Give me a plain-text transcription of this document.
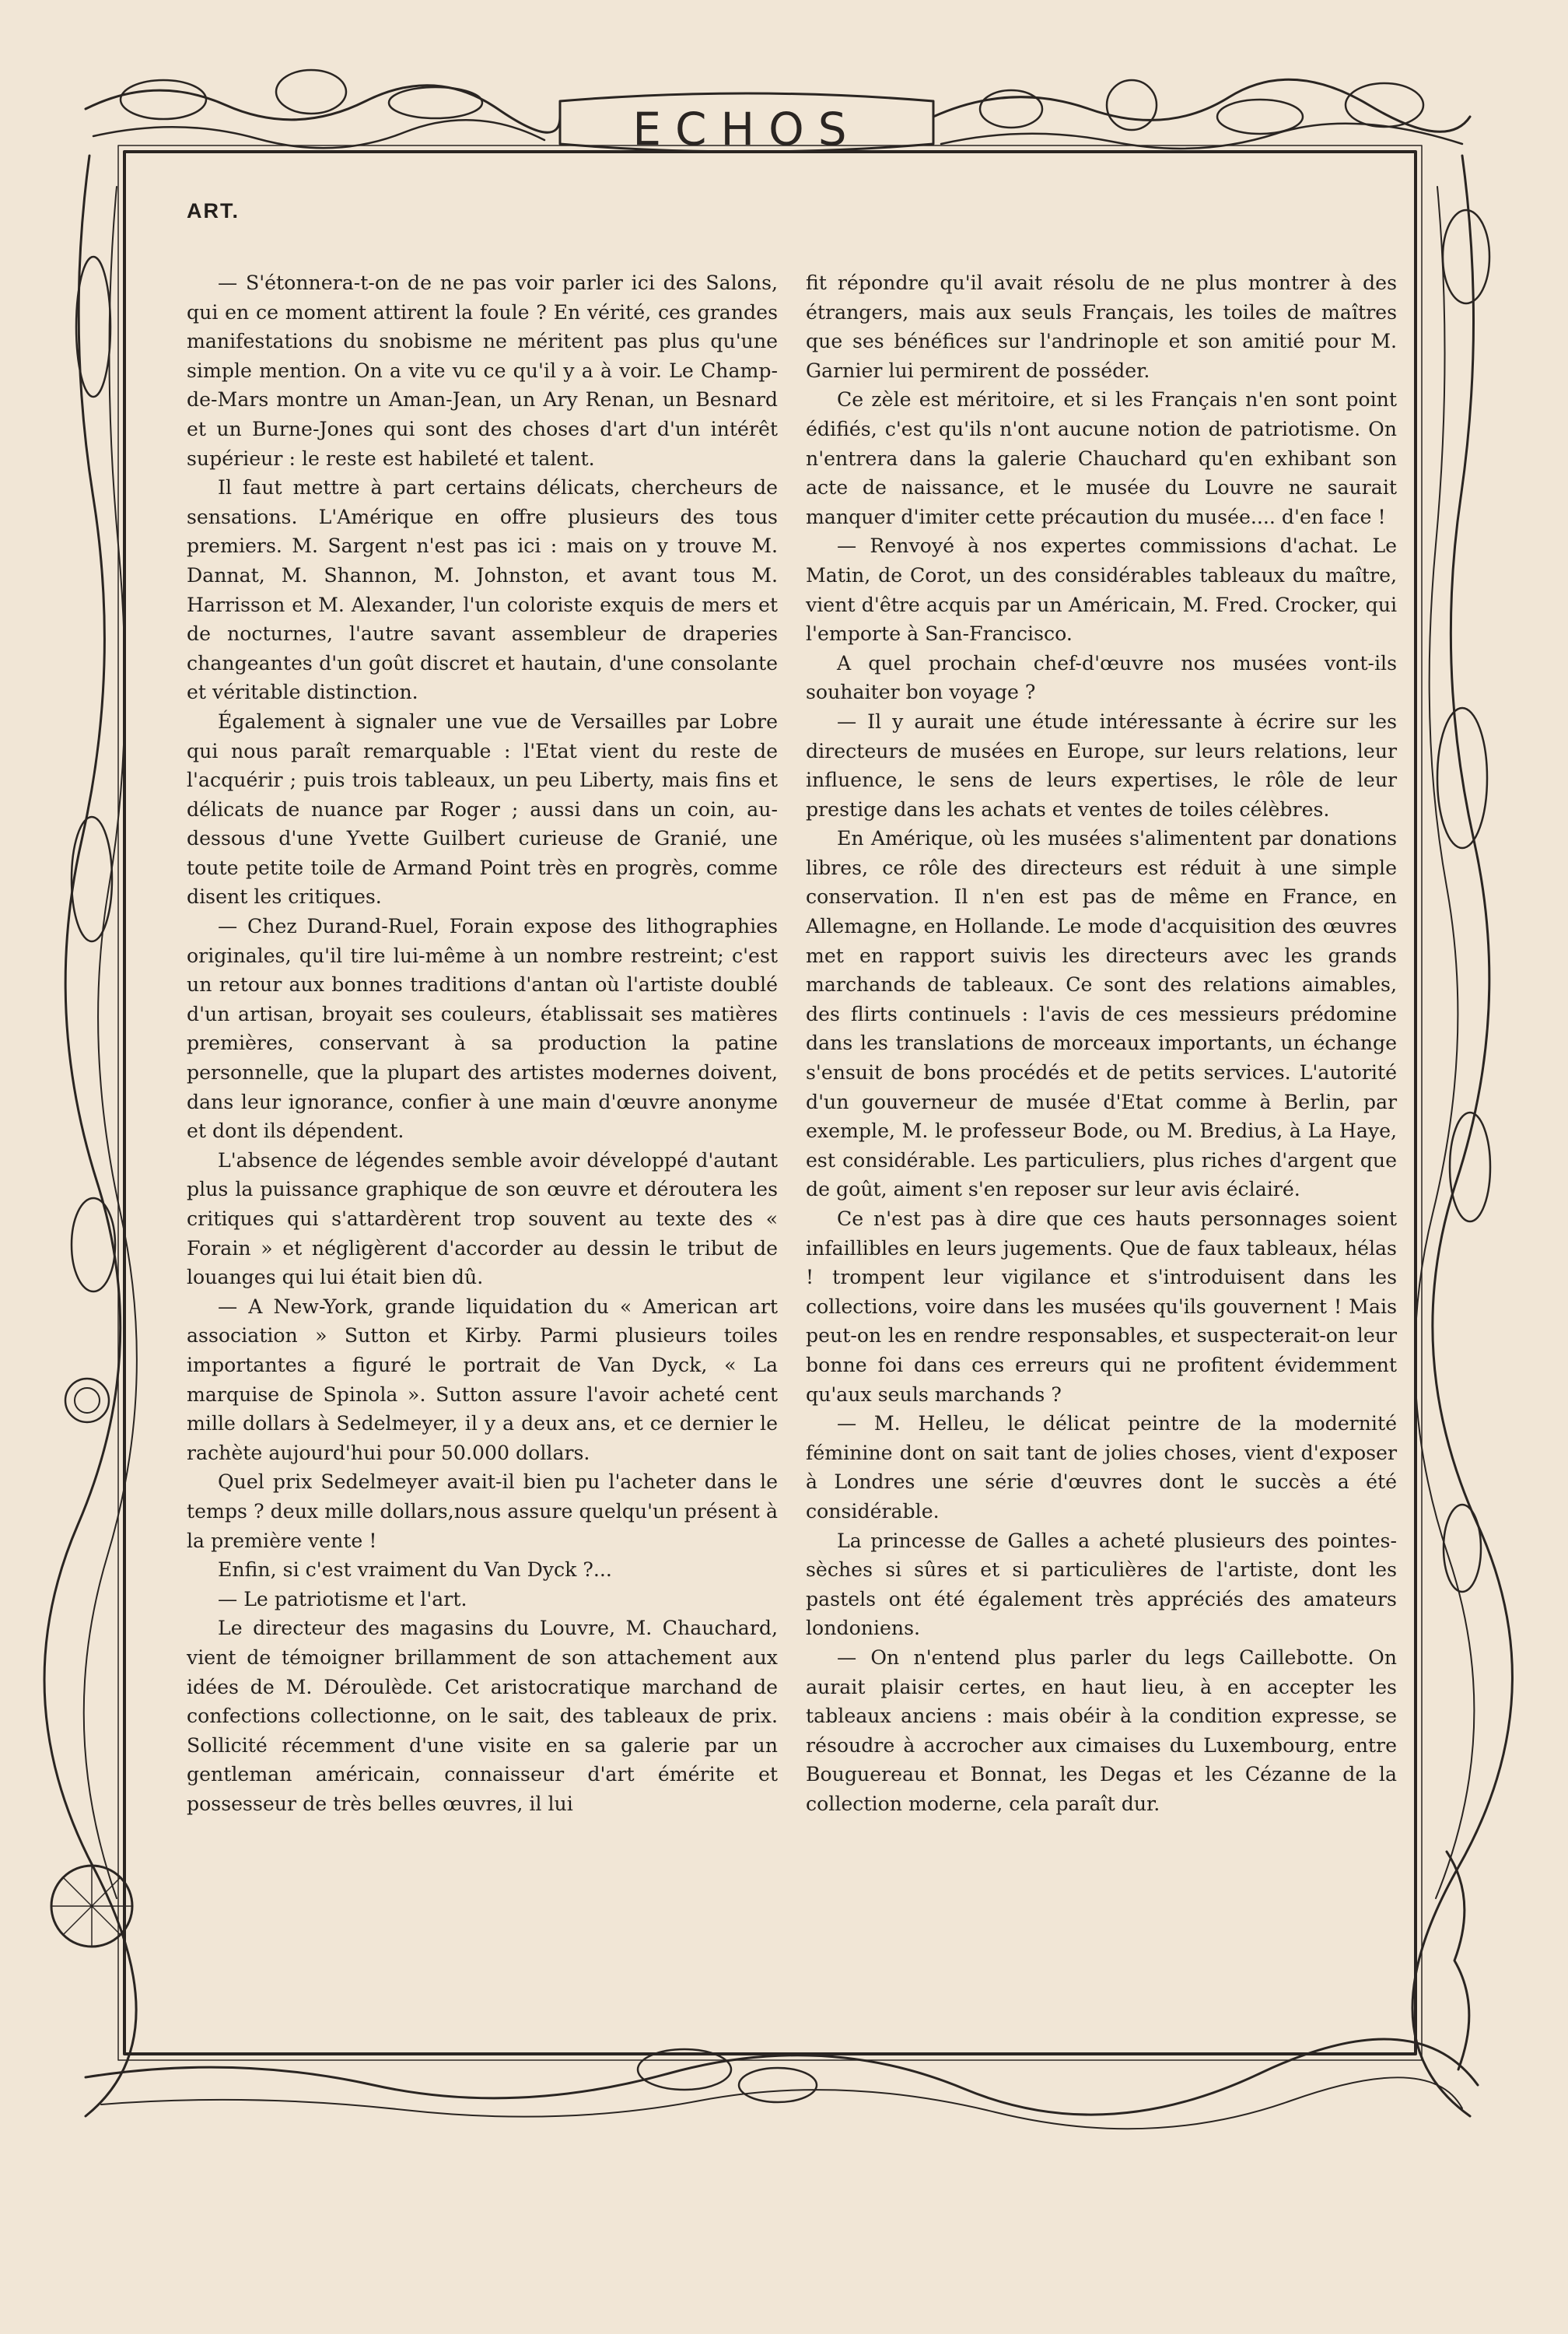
ECHOS
ART.

— S'étonnera-t-on de ne pas voir parler ici des Salons, qui en ce moment attirent la foule ? En vérité, ces grandes manifestations du snobisme ne méritent pas plus qu'une simple mention. On a vite vu ce qu'il y a à voir. Le Champ-de-Mars montre un Aman-Jean, un Ary Renan, un Besnard et un Burne-Jones qui sont des choses d'art d'un intérêt supérieur : le reste est habileté et talent.

Il faut mettre à part certains délicats, chercheurs de sensations. L'Amérique en offre plusieurs des tous premiers. M. Sargent n'est pas ici : mais on y trouve M. Dannat, M. Shannon, M. Johnston, et avant tous M. Harrisson et M. Alexander, l'un coloriste exquis de mers et de nocturnes, l'autre savant assembleur de draperies changeantes d'un goût discret et hautain, d'une consolante et véritable distinction.

Également à signaler une vue de Versailles par Lobre qui nous paraît remarquable : l'Etat vient du reste de l'acquérir ; puis trois tableaux, un peu Liberty, mais fins et délicats de nuance par Roger ; aussi dans un coin, au-dessous d'une Yvette Guilbert curieuse de Granié, une toute petite toile de Armand Point très en progrès, comme disent les critiques.

— Chez Durand-Ruel, Forain expose des lithographies originales, qu'il tire lui-même à un nombre restreint; c'est un retour aux bonnes traditions d'antan où l'artiste doublé d'un artisan, broyait ses couleurs, établissait ses matières premières, conservant à sa production la patine personnelle, que la plupart des artistes modernes doivent, dans leur ignorance, confier à une main d'œuvre anonyme et dont ils dépendent.

L'absence de légendes semble avoir développé d'autant plus la puissance graphique de son œuvre et déroutera les critiques qui s'attardèrent trop souvent au texte des « Forain » et négligèrent d'accorder au dessin le tribut de louanges qui lui était bien dû.

— A New-York, grande liquidation du « American art association » Sutton et Kirby. Parmi plusieurs toiles importantes a figuré le portrait de Van Dyck, « La marquise de Spinola ». Sutton assure l'avoir acheté cent mille dollars à Sedelmeyer, il y a deux ans, et ce dernier le rachète aujourd'hui pour 50.000 dollars.

Quel prix Sedelmeyer avait-il bien pu l'acheter dans le temps ? deux mille dollars,nous assure quelqu'un présent à la première vente !

Enfin, si c'est vraiment du Van Dyck ?...

— Le patriotisme et l'art.

Le directeur des magasins du Louvre, M. Chauchard, vient de témoigner brillamment de son attachement aux idées de M. Déroulède. Cet aristocratique marchand de confections collectionne, on le sait, des tableaux de prix. Sollicité récemment d'une visite en sa galerie par un gentleman américain, connaisseur d'art émérite et possesseur de très belles œuvres, il lui

fit répondre qu'il avait résolu de ne plus montrer à des étrangers, mais aux seuls Français, les toiles de maîtres que ses bénéfices sur l'andrinople et son amitié pour M. Garnier lui permirent de posséder.

Ce zèle est méritoire, et si les Français n'en sont point édifiés, c'est qu'ils n'ont aucune notion de patriotisme. On n'entrera dans la galerie Chauchard qu'en exhibant son acte de naissance, et le musée du Louvre ne saurait manquer d'imiter cette précaution du musée.... d'en face !

— Renvoyé à nos expertes commissions d'achat. Le Matin, de Corot, un des considérables tableaux du maître, vient d'être acquis par un Américain, M. Fred. Crocker, qui l'emporte à San-Francisco.

A quel prochain chef-d'œuvre nos musées vont-ils souhaiter bon voyage ?

— Il y aurait une étude intéressante à écrire sur les directeurs de musées en Europe, sur leurs relations, leur influence, le sens de leurs expertises, le rôle de leur prestige dans les achats et ventes de toiles célèbres.

En Amérique, où les musées s'alimentent par donations libres, ce rôle des directeurs est réduit à une simple conservation. Il n'en est pas de même en France, en Allemagne, en Hollande. Le mode d'acquisition des œuvres met en rapport suivis les directeurs avec les grands marchands de tableaux. Ce sont des relations aimables, des flirts continuels : l'avis de ces messieurs prédomine dans les translations de morceaux importants, un échange s'ensuit de bons procédés et de petits services. L'autorité d'un gouverneur de musée d'Etat comme à Berlin, par exemple, M. le professeur Bode, ou M. Bredius, à La Haye, est considérable. Les particuliers, plus riches d'argent que de goût, aiment s'en reposer sur leur avis éclairé.

Ce n'est pas à dire que ces hauts personnages soient infaillibles en leurs jugements. Que de faux tableaux, hélas ! trompent leur vigilance et s'introduisent dans les collections, voire dans les musées qu'ils gouvernent ! Mais peut-on les en rendre responsables, et suspecterait-on leur bonne foi dans ces erreurs qui ne profitent évidemment qu'aux seuls marchands ?

— M. Helleu, le délicat peintre de la modernité féminine dont on sait tant de jolies choses, vient d'exposer à Londres une série d'œuvres dont le succès a été considérable.

La princesse de Galles a acheté plusieurs des pointes-sèches si sûres et si particulières de l'artiste, dont les pastels ont été également très appréciés des amateurs londoniens.

— On n'entend plus parler du legs Caillebotte. On aurait plaisir certes, en haut lieu, à en accepter les tableaux anciens : mais obéir à la condition expresse, se résoudre à accrocher aux cimaises du Luxembourg, entre Bouguereau et Bonnat, les Degas et les Cézanne de la collection moderne, cela paraît dur.
